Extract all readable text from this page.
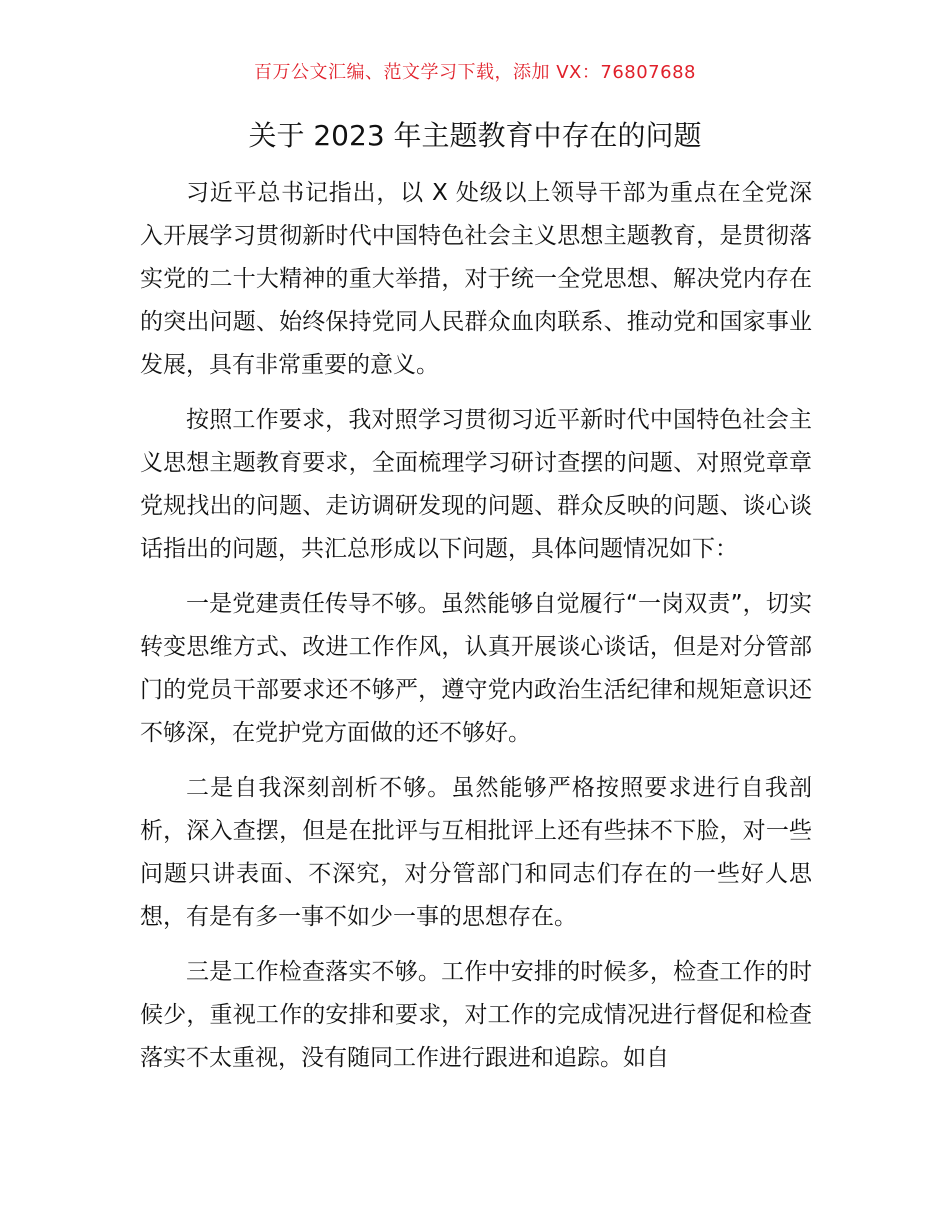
百万公文汇编、范文学习下载，添加 VX：76807688
关于 2023 年主题教育中存在的问题

习近平总书记指出，以 X 处级以上领导干部为重点在全党深入开展学习贯彻新时代中国特色社会主义思想主题教育，是贯彻落实党的二十大精神的重大举措，对于统一全党思想、解决党内存在的突出问题、始终保持党同人民群众血肉联系、推动党和国家事业发展，具有非常重要的意义。

按照工作要求，我对照学习贯彻习近平新时代中国特色社会主义思想主题教育要求，全面梳理学习研讨查摆的问题、对照党章章党规找出的问题、走访调研发现的问题、群众反映的问题、谈心谈话指出的问题，共汇总形成以下问题，具体问题情况如下：

一是党建责任传导不够。虽然能够自觉履行“一岗双责”，切实转变思维方式、改进工作作风，认真开展谈心谈话，但是对分管部门的党员干部要求还不够严，遵守党内政治生活纪律和规矩意识还不够深，在党护党方面做的还不够好。

二是自我深刻剖析不够。虽然能够严格按照要求进行自我剖析，深入查摆，但是在批评与互相批评上还有些抹不下脸，对一些问题只讲表面、不深究，对分管部门和同志们存在的一些好人思想，有是有多一事不如少一事的思想存在。

三是工作检查落实不够。工作中安排的时候多，检查工作的时候少，重视工作的安排和要求，对工作的完成情况进行督促和检查落实不太重视，没有随同工作进行跟进和追踪。如自
